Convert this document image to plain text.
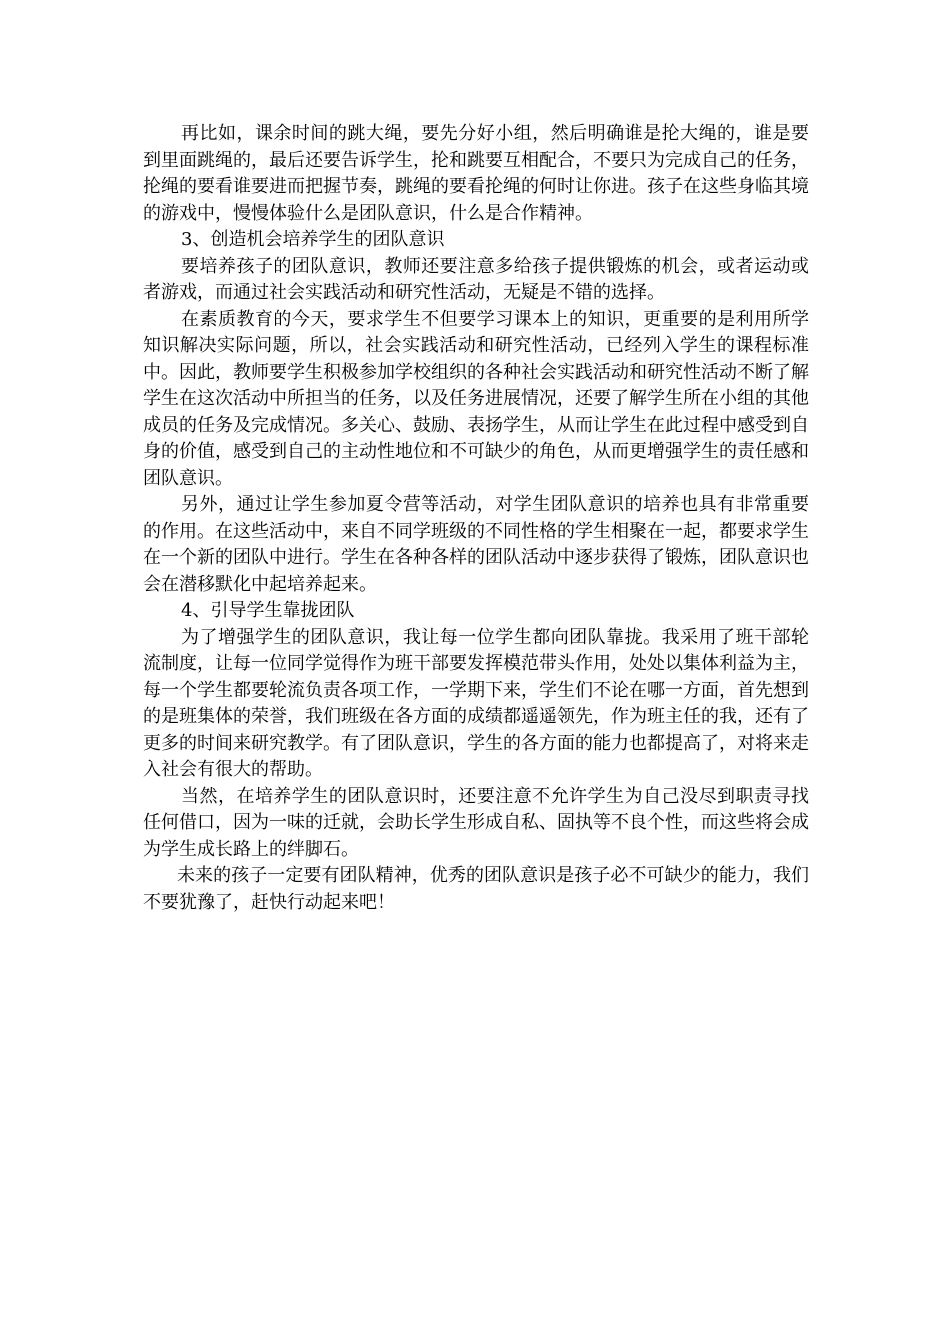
再比如，课余时间的跳大绳，要先分好小组，然后明确谁是抡大绳的，谁是要到里面跳绳的，最后还要告诉学生，抡和跳要互相配合，不要只为完成自己的任务，抡绳的要看谁要进而把握节奏，跳绳的要看抡绳的何时让你进。孩子在这些身临其境的游戏中，慢慢体验什么是团队意识，什么是合作精神。

3、创造机会培养学生的团队意识

要培养孩子的团队意识，教师还要注意多给孩子提供锻炼的机会，或者运动或者游戏，而通过社会实践活动和研究性活动，无疑是不错的选择。

在素质教育的今天，要求学生不但要学习课本上的知识，更重要的是利用所学知识解决实际问题，所以，社会实践活动和研究性活动，已经列入学生的课程标准中。因此，教师要学生积极参加学校组织的各种社会实践活动和研究性活动不断了解学生在这次活动中所担当的任务，以及任务进展情况，还要了解学生所在小组的其他成员的任务及完成情况。多关心、鼓励、表扬学生，从而让学生在此过程中感受到自身的价值，感受到自己的主动性地位和不可缺少的角色，从而更增强学生的责任感和团队意识。

另外，通过让学生参加夏令营等活动，对学生团队意识的培养也具有非常重要的作用。在这些活动中，来自不同学班级的不同性格的学生相聚在一起，都要求学生在一个新的团队中进行。学生在各种各样的团队活动中逐步获得了锻炼，团队意识也会在潜移默化中起培养起来。

4、引导学生靠拢团队

为了增强学生的团队意识，我让每一位学生都向团队靠拢。我采用了班干部轮流制度，让每一位同学觉得作为班干部要发挥模范带头作用，处处以集体利益为主，每一个学生都要轮流负责各项工作，一学期下来，学生们不论在哪一方面，首先想到的是班集体的荣誉，我们班级在各方面的成绩都遥遥领先，作为班主任的我，还有了更多的时间来研究教学。有了团队意识，学生的各方面的能力也都提高了，对将来走入社会有很大的帮助。

当然，在培养学生的团队意识时，还要注意不允许学生为自己没尽到职责寻找任何借口，因为一味的迁就，会助长学生形成自私、固执等不良个性，而这些将会成为学生成长路上的绊脚石。

未来的孩子一定要有团队精神，优秀的团队意识是孩子必不可缺少的能力，我们不要犹豫了，赶快行动起来吧！
